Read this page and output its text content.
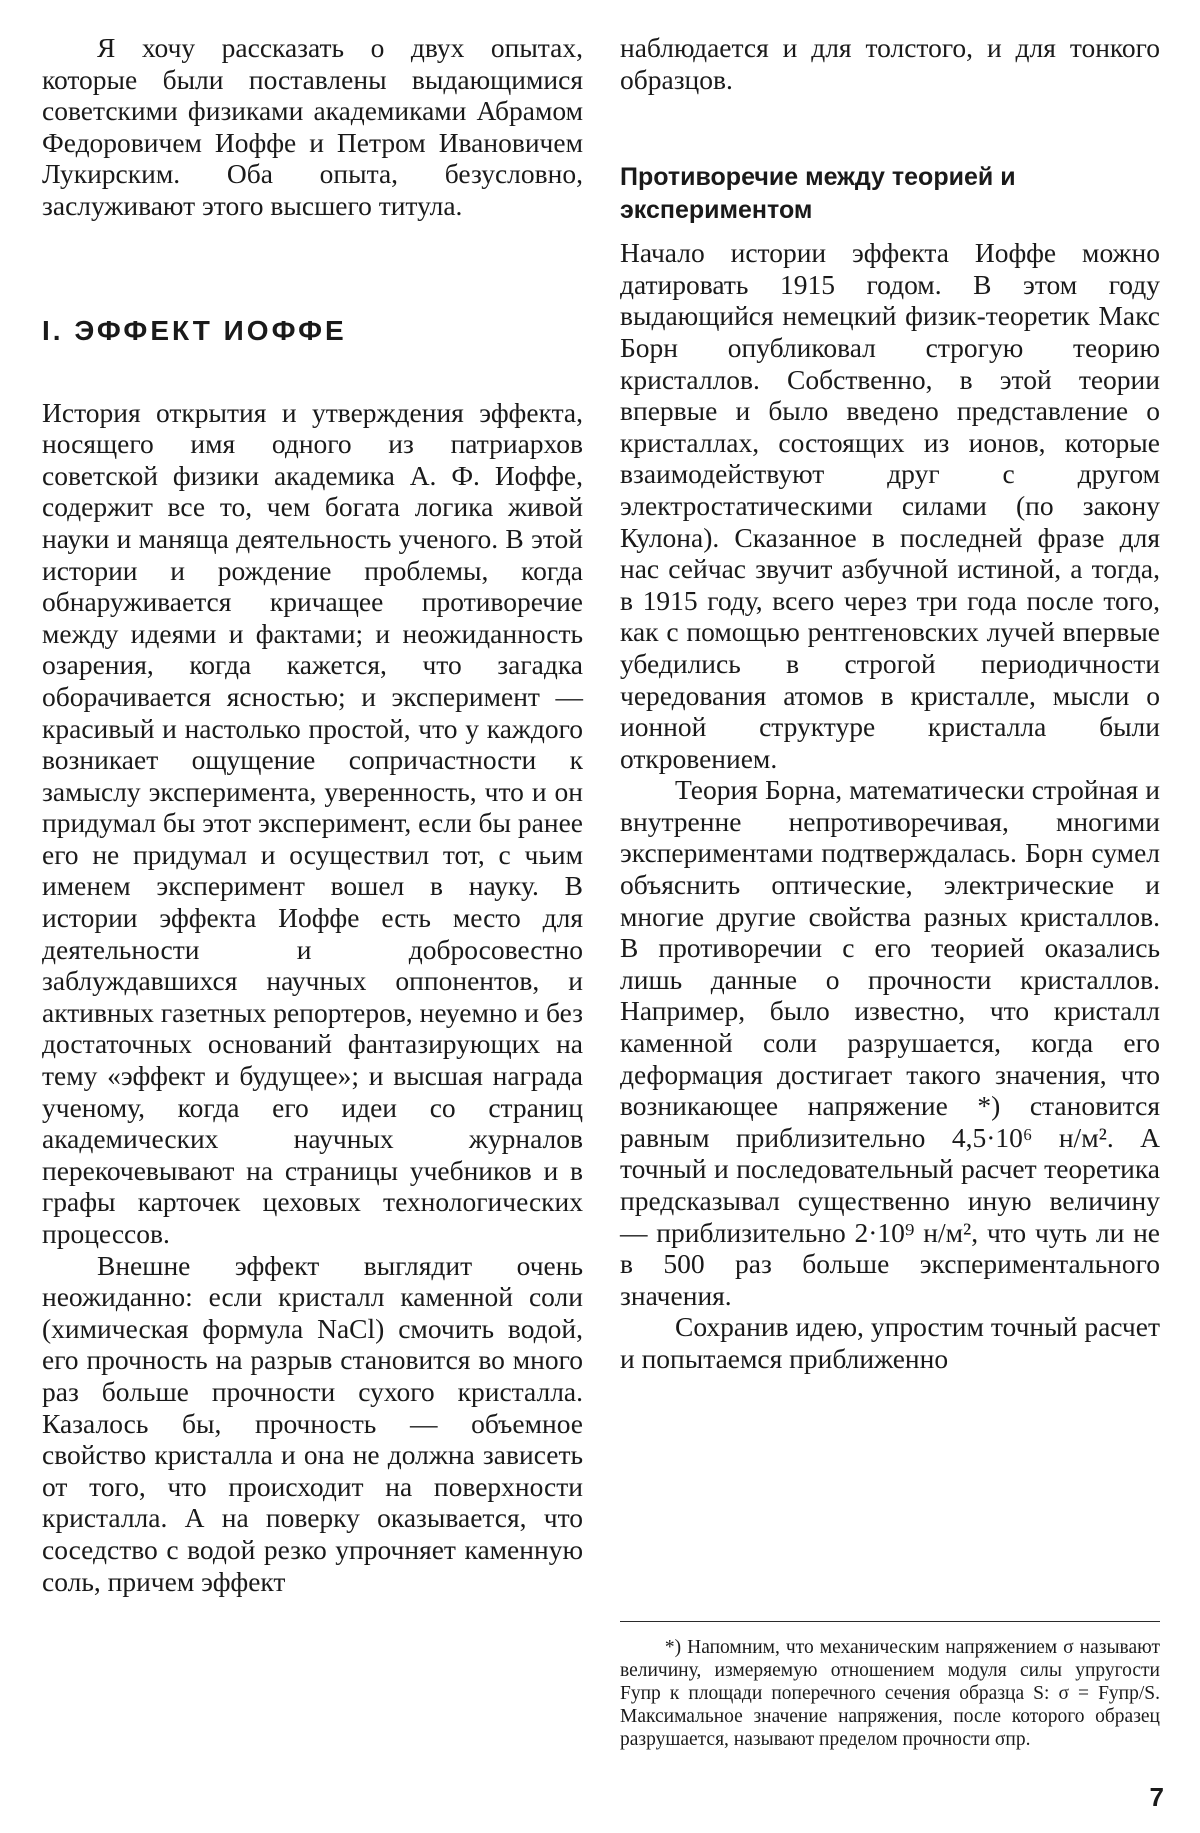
Я хочу рассказать о двух опытах, которые были поставлены выдающимися советскими физиками академиками Абрамом Федоровичем Иоффе и Петром Ивановичем Лукирским. Оба опыта, безусловно, заслуживают этого высшего титула.

I. ЭФФЕКТ ИОФФЕ

История открытия и утверждения эффекта, носящего имя одного из патриархов советской физики академика А. Ф. Иоффе, содержит все то, чем богата логика живой науки и маняща деятельность ученого. В этой истории и рождение проблемы, когда обнаруживается кричащее противоречие между идеями и фактами; и неожиданность озарения, когда кажется, что загадка оборачивается ясностью; и эксперимент — красивый и настолько простой, что у каждого возникает ощущение сопричастности к замыслу эксперимента, уверенность, что и он придумал бы этот эксперимент, если бы ранее его не придумал и осуществил тот, с чьим именем эксперимент вошел в науку. В истории эффекта Иоффе есть место для деятельности и добросовестно заблуждавшихся научных оппонентов, и активных газетных репортеров, неуемно и без достаточных оснований фантазирующих на тему «эффект и будущее»; и высшая награда ученому, когда его идеи со страниц академических научных журналов перекочевывают на страницы учебников и в графы карточек цеховых технологических процессов.

Внешне эффект выглядит очень неожиданно: если кристалл каменной соли (химическая формула NaCl) смочить водой, его прочность на разрыв становится во много раз больше прочности сухого кристалла. Казалось бы, прочность — объемное свойство кристалла и она не должна зависеть от того, что происходит на поверхности кристалла. А на поверку оказывается, что соседство с водой резко упрочняет каменную соль, причем эффект

наблюдается и для толстого, и для тонкого образцов.

Противоречие между теорией и экспериментом

Начало истории эффекта Иоффе можно датировать 1915 годом. В этом году выдающийся немецкий физик-теоретик Макс Борн опубликовал строгую теорию кристаллов. Собственно, в этой теории впервые и было введено представление о кристаллах, состоящих из ионов, которые взаимодействуют друг с другом электростатическими силами (по закону Кулона). Сказанное в последней фразе для нас сейчас звучит азбучной истиной, а тогда, в 1915 году, всего через три года после того, как с помощью рентгеновских лучей впервые убедились в строгой периодичности чередования атомов в кристалле, мысли о ионной структуре кристалла были откровением.

Теория Борна, математически стройная и внутренне непротиворечивая, многими экспериментами подтверждалась. Борн сумел объяснить оптические, электрические и многие другие свойства разных кристаллов. В противоречии с его теорией оказались лишь данные о прочности кристаллов. Например, было известно, что кристалл каменной соли разрушается, когда его деформация достигает такого значения, что возникающее напряжение *) становится равным приблизительно 4,5·10⁶ н/м². А точный и последовательный расчет теоретика предсказывал существенно иную величину — приблизительно 2·10⁹ н/м², что чуть ли не в 500 раз больше экспериментального значения.

Сохранив идею, упростим точный расчет и попытаемся приближенно

*) Напомним, что механическим напряжением σ называют величину, измеряемую отношением модуля силы упругости Fупр к площади поперечного сечения образца S: σ = Fупр/S. Максимальное значение напряжения, после которого образец разрушается, называют пределом прочности σпр.

7
